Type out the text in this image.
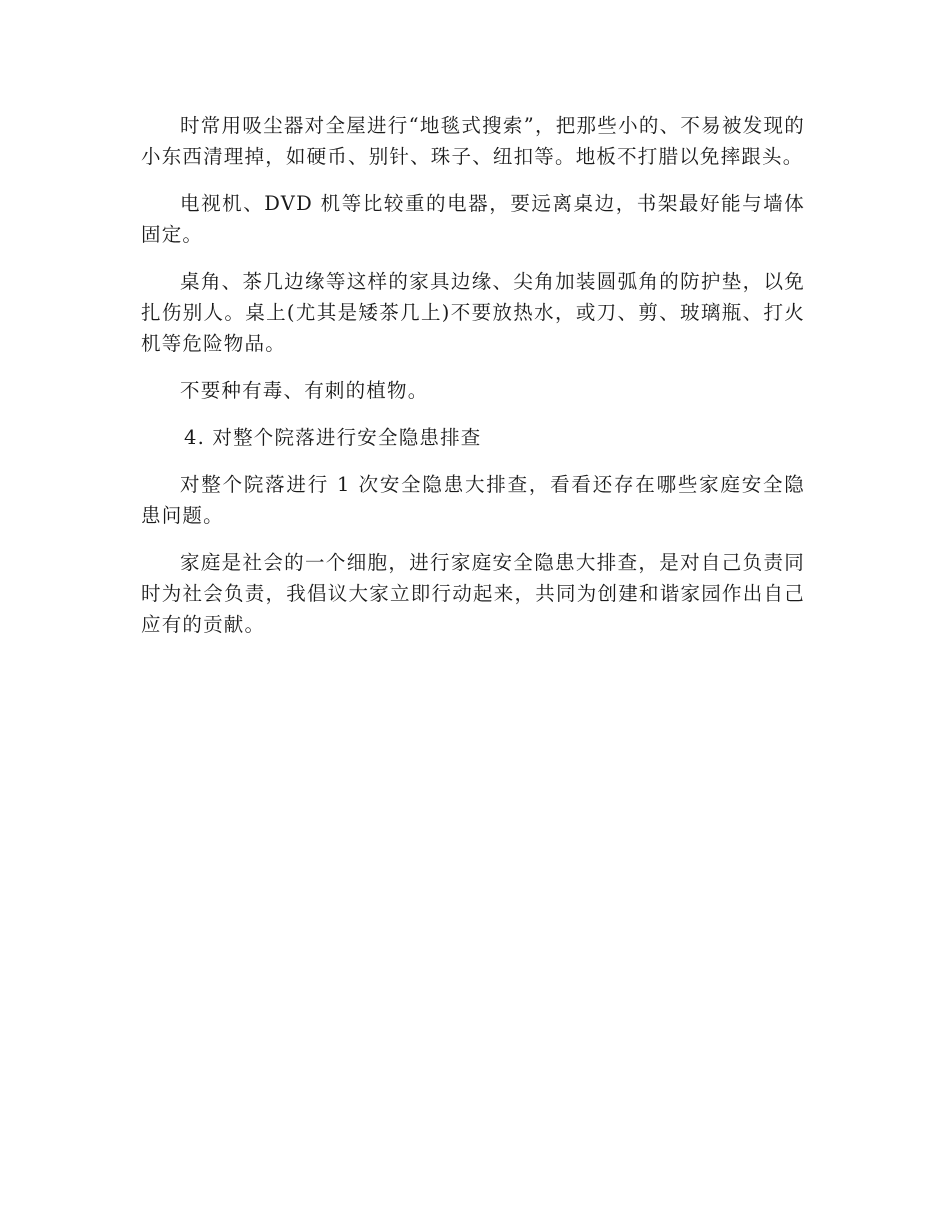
时常用吸尘器对全屋进行“地毯式搜索”，把那些小的、不易被发现的小东西清理掉，如硬币、别针、珠子、纽扣等。地板不打腊以免摔跟头。

电视机、DVD 机等比较重的电器，要远离桌边，书架最好能与墙体固定。

桌角、茶几边缘等这样的家具边缘、尖角加装圆弧角的防护垫，以免扎伤别人。桌上(尤其是矮茶几上)不要放热水，或刀、剪、玻璃瓶、打火机等危险物品。

不要种有毒、有刺的植物。

4. 对整个院落进行安全隐患排查

对整个院落进行 1 次安全隐患大排查，看看还存在哪些家庭安全隐患问题。

家庭是社会的一个细胞，进行家庭安全隐患大排查，是对自己负责同时为社会负责，我倡议大家立即行动起来，共同为创建和谐家园作出自己应有的贡献。
